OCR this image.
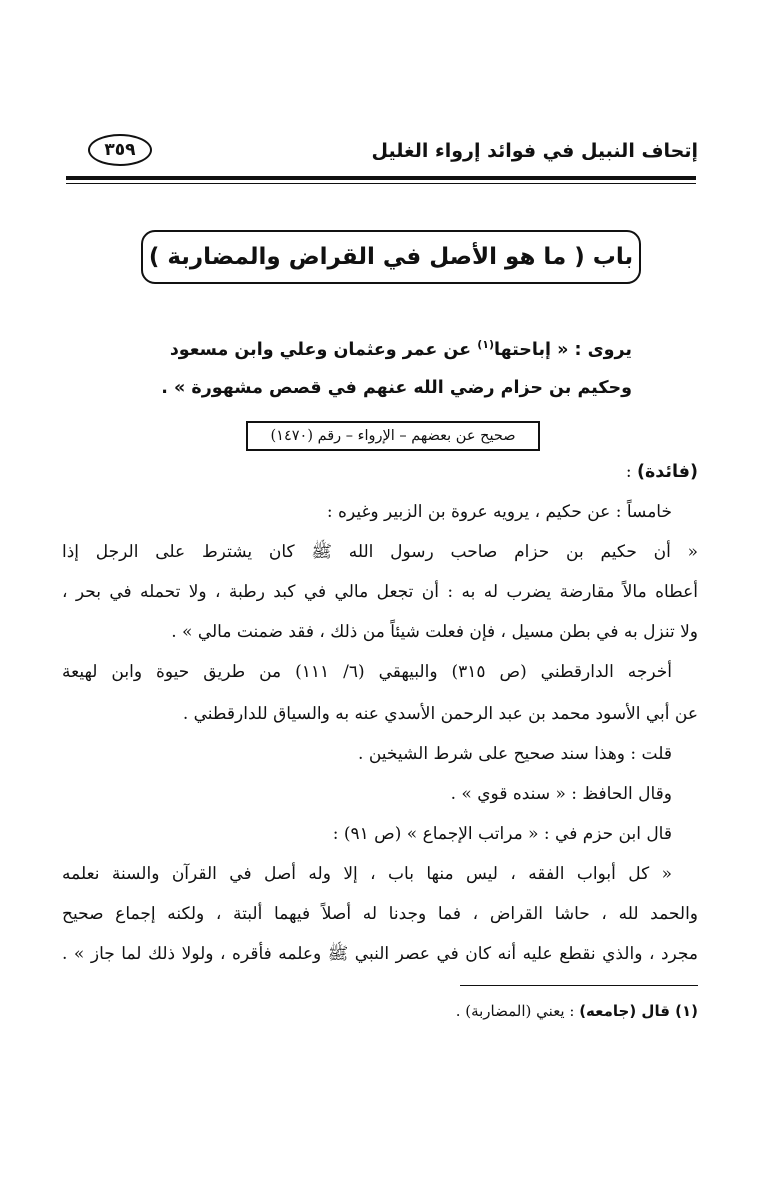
إتحاف النبيل في فوائد إرواء الغليل
٣٥٩
باب ( ما هو الأصل في القراض والمضاربة )
يروى : « إباحتها$^{(١)}$ عن عمر وعثمان وعلي وابن مسعود
وحكيم بن حزام رضي الله عنهم في قصص مشهورة » .
صحيح عن بعضهم – الإرواء – رقم (١٤٧٠)
(فائدة) :
خامساً : عن حكيم ، يرويه عروة بن الزبير وغيره :
« أن حكيم بن حزام صاحب رسول الله ﷺ كان يشترط على الرجل إذا
أعطاه مالاً مقارضة يضرب له به : أن تجعل مالي في كبد رطبة ، ولا تحمله في بحر ،
ولا تنزل به في بطن مسيل ، فإن فعلت شيئاً من ذلك ، فقد ضمنت مالي » .
أخرجه الدارقطني (ص ٣١٥) والبيهقي (٦/ ١١١) من طريق حيوة وابن لهيعة
عن أبي الأسود محمد بن عبد الرحمن الأسدي عنه به والسياق للدارقطني .
قلت : وهذا سند صحيح على شرط الشيخين .
وقال الحافظ : « سنده قوي » .
قال ابن حزم في : « مراتب الإجماع » (ص ٩١) :
« كل أبواب الفقه ، ليس منها باب ، إلا وله أصل في القرآن والسنة نعلمه
والحمد لله ، حاشا القراض ، فما وجدنا له أصلاً فيهما ألبتة ، ولكنه إجماع صحيح
مجرد ، والذي نقطع عليه أنه كان في عصر النبي ﷺ وعلمه فأقره ، ولولا ذلك لما جاز » .
(١) قال (جامعه) : يعني (المضاربة) .
